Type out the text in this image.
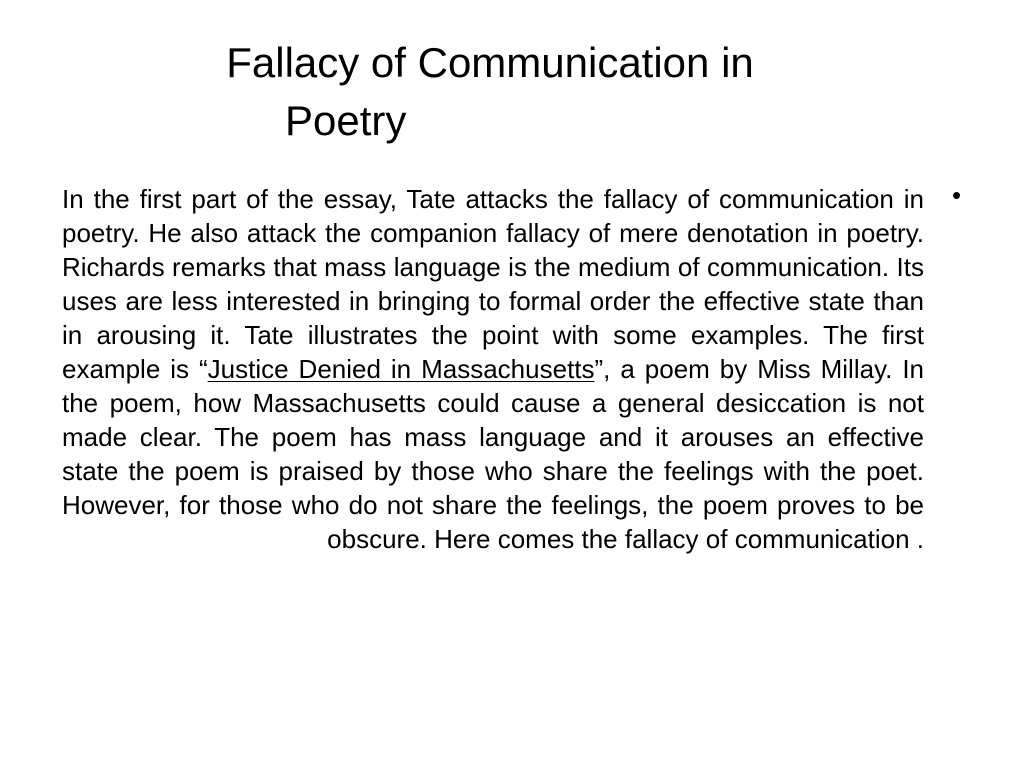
Fallacy of Communication in
Poetry

In the first part of the essay, Tate attacks the fallacy of communication in poetry. He also attack the companion fallacy of mere denotation in poetry. Richards remarks that mass language is the medium of communication. Its uses are less interested in bringing to formal order the effective state than in arousing it. Tate illustrates the point with some examples. The first example is “Justice Denied in Massachusetts”, a poem by Miss Millay. In the poem, how Massachusetts could cause a general desiccation is not made clear. The poem has mass language and it arouses an effective state the poem is praised by those who share the feelings with the poet. However, for those who do not share the feelings, the poem proves to be obscure. Here comes the fallacy of communication .

•
